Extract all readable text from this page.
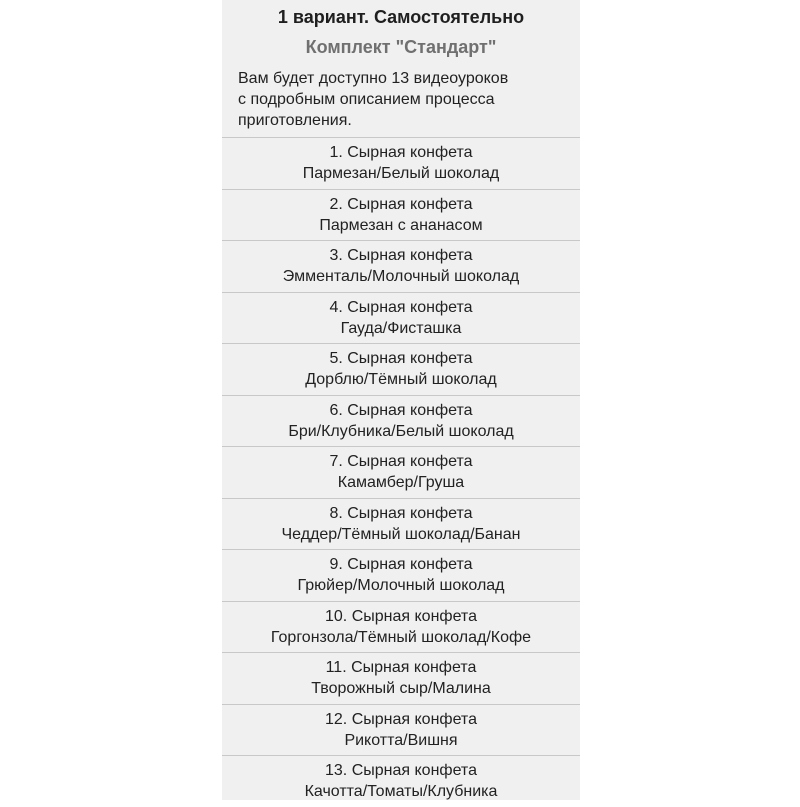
1 вариант. Самостоятельно
Комплект "Стандарт"
Вам будет доступно 13 видеоуроков
с подробным описанием процесса
приготовления.
1. Сырная конфета
Пармезан/Белый шоколад
2. Сырная конфета
Пармезан с ананасом
3. Сырная конфета
Эмменталь/Молочный шоколад
4. Сырная конфета
Гауда/Фисташка
5. Сырная конфета
Дорблю/Тёмный шоколад
6. Сырная конфета
Бри/Клубника/Белый шоколад
7. Сырная конфета
Камамбер/Груша
8. Сырная конфета
Чеддер/Тёмный шоколад/Банан
9. Сырная конфета
Грюйер/Молочный шоколад
10. Сырная конфета
Горгонзола/Тёмный шоколад/Кофе
11. Сырная конфета
Творожный сыр/Малина
12. Сырная конфета
Рикотта/Вишня
13. Сырная конфета
Качотта/Томаты/Клубника
